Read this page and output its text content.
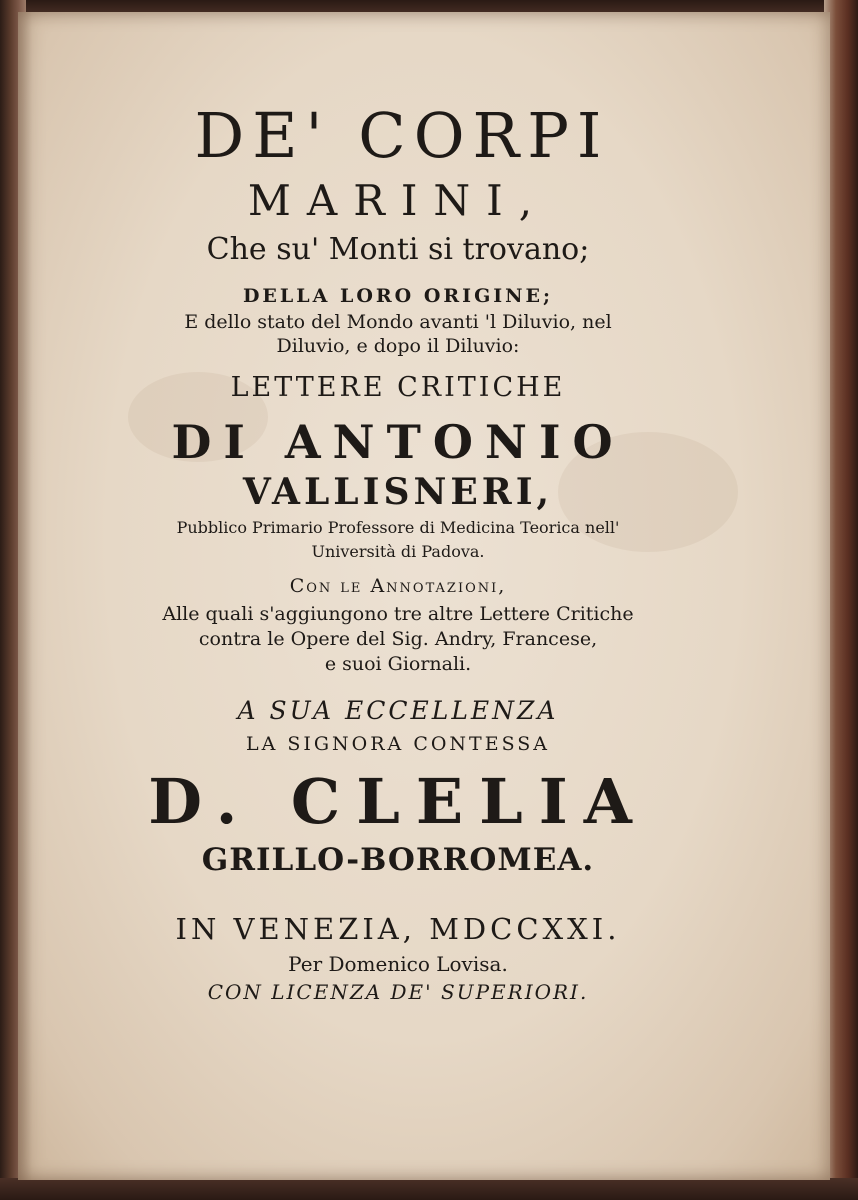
DE' CORPI
MARINI,
Che su' Monti si trovano;
DELLA LORO ORIGINE;
E dello stato del Mondo avanti 'l Diluvio, nel
Diluvio, e dopo il Diluvio:
LETTERE CRITICHE
DI ANTONIO
VALLISNERI,
Pubblico Primario Professore di Medicina Teorica nell'
Università di Padova.
Con le Annotazioni,
Alle quali s'aggiungono tre altre Lettere Critiche
contra le Opere del Sig. Andry, Francese,
e suoi Giornali.
A SUA ECCELLENZA
LA SIGNORA CONTESSA
D. CLELIA
GRILLO-BORROMEA.
IN VENEZIA, MDCCXXI.
Per Domenico Lovisa.
CON LICENZA DE' SUPERIORI.
